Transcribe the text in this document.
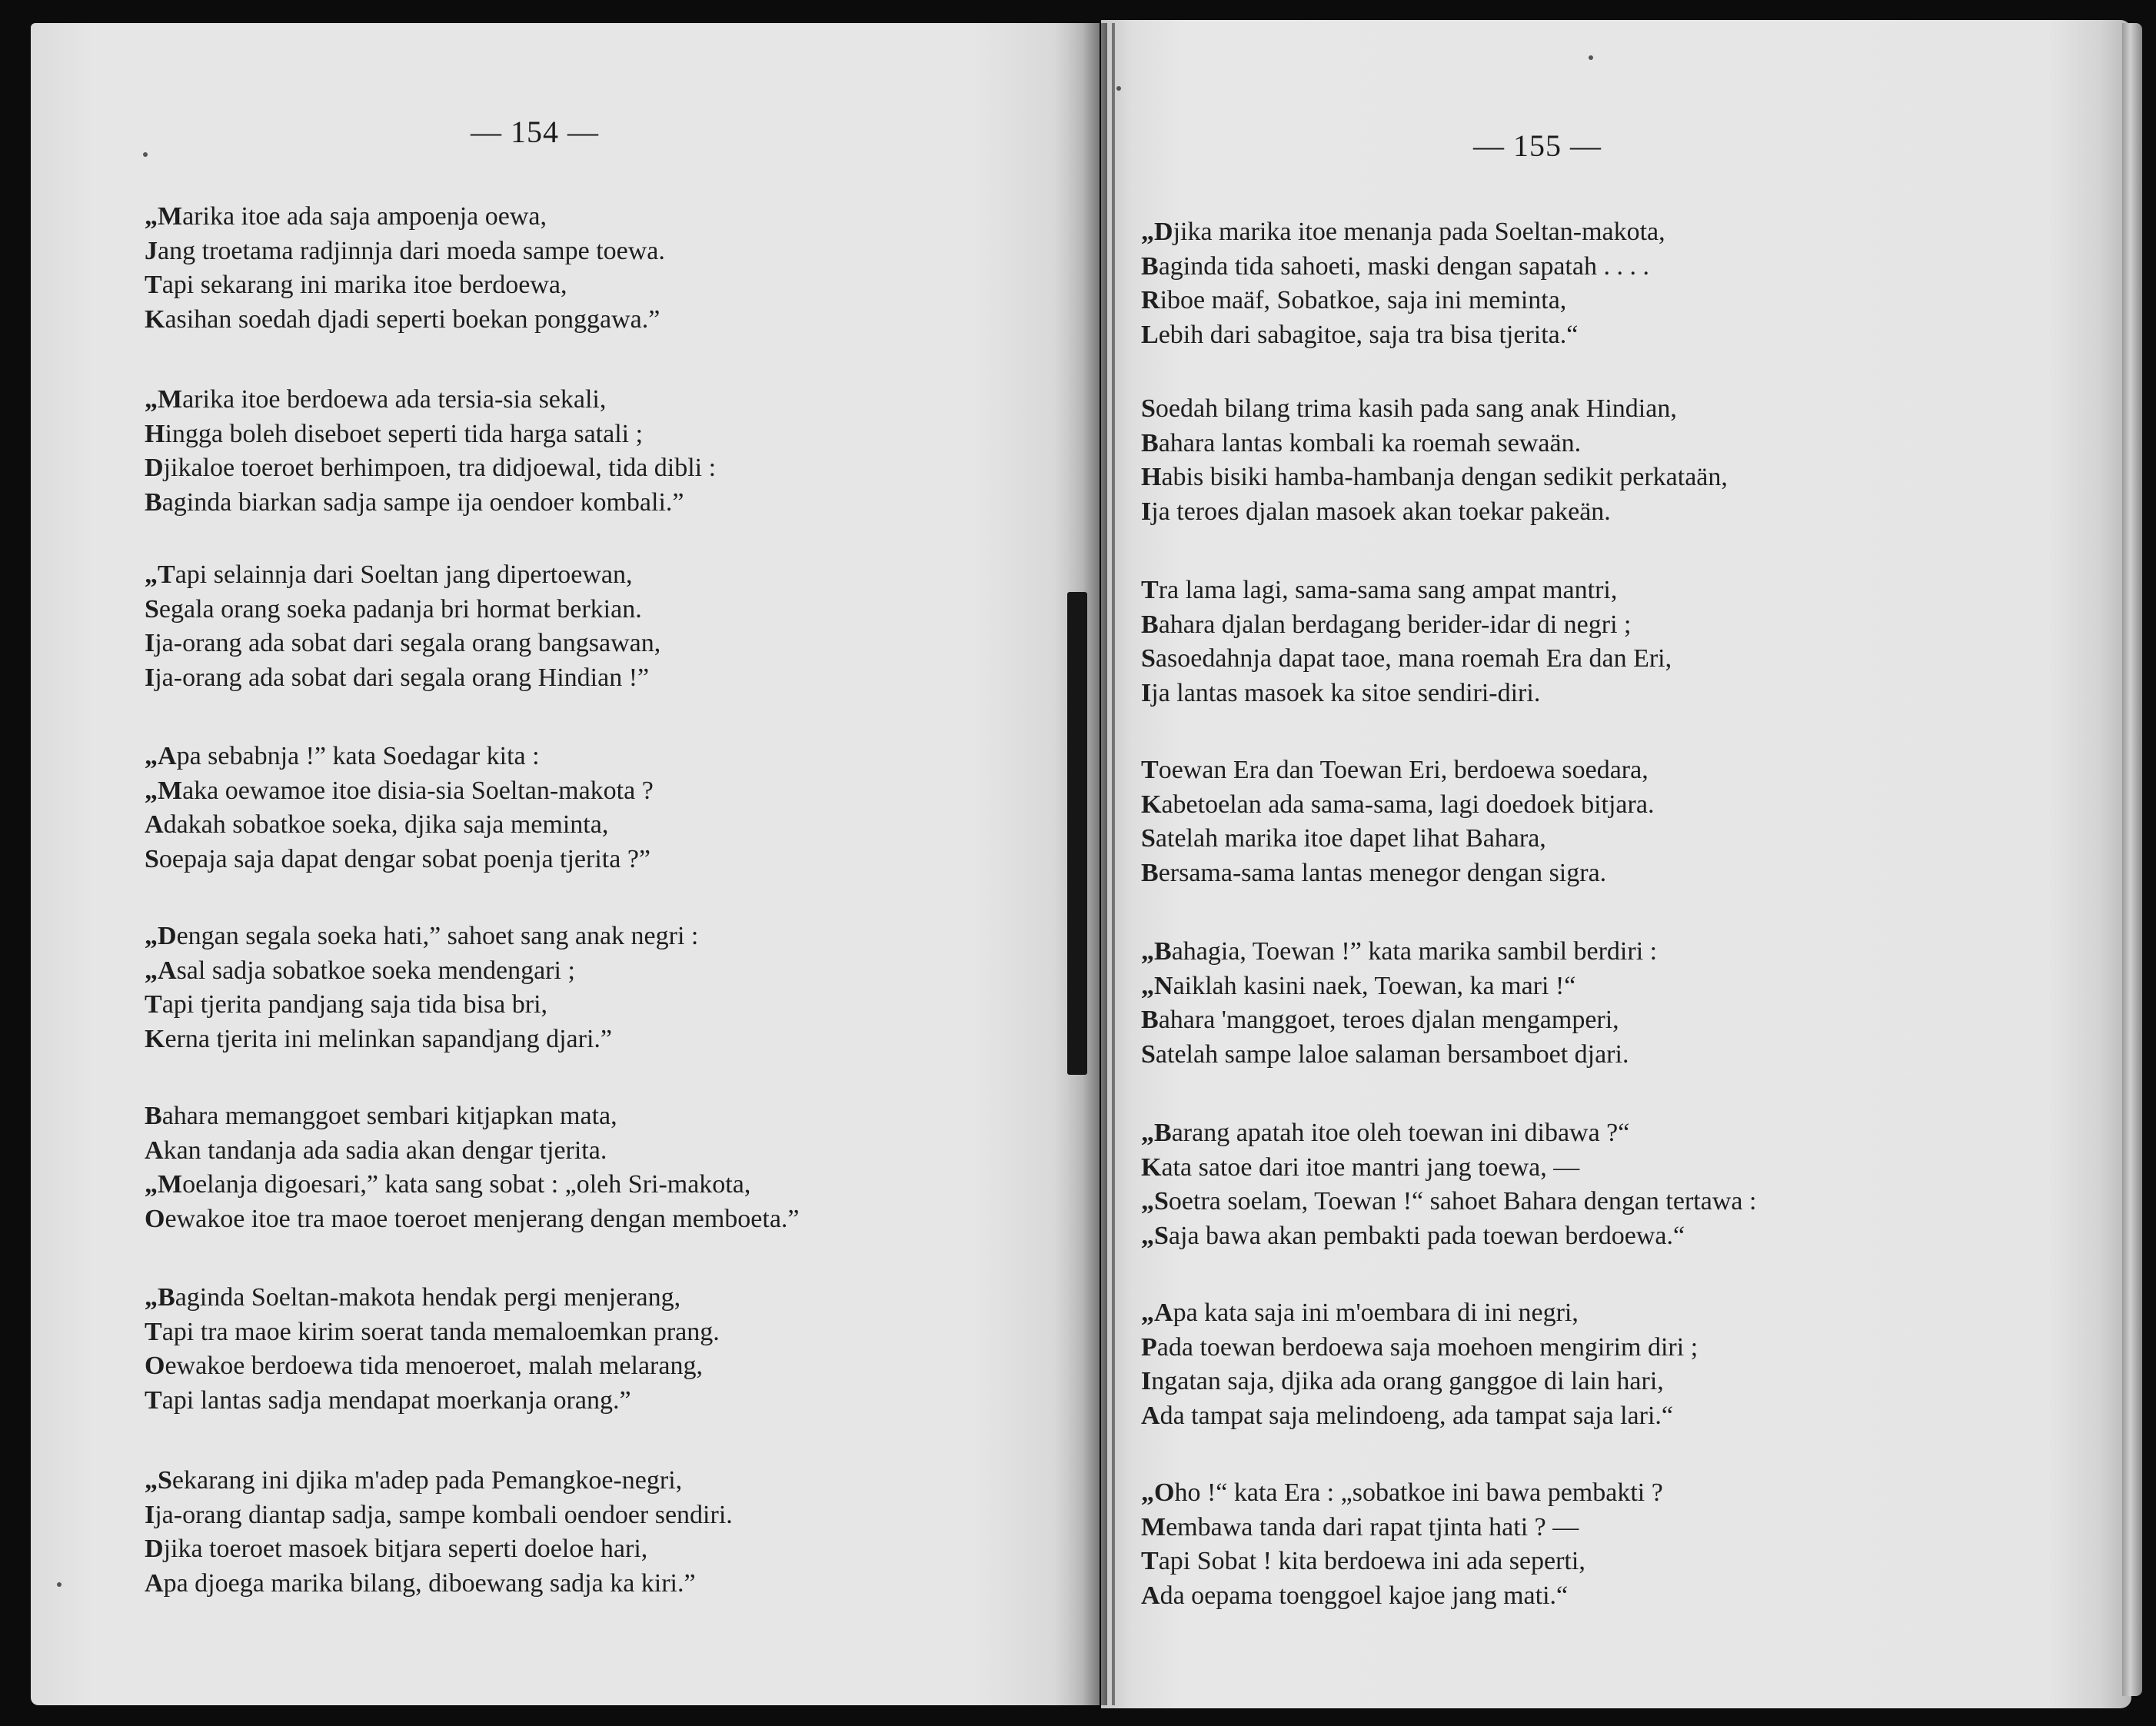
— 154 —	— 155 —
„Marika itoe ada saja ampoenja oewa,
Jang troetama radjinnja dari moeda sampe toewa.
Tapi sekarang ini marika itoe berdoewa,
Kasihan soedah djadi seperti boekan ponggawa.”
„Marika itoe berdoewa ada tersia-sia sekali,
Hingga boleh diseboet seperti tida harga satali ;
Djikaloe toeroet berhimpoen, tra didjoewal, tida dibli :
Baginda biarkan sadja sampe ija oendoer kombali.”
„Tapi selainnja dari Soeltan jang dipertoewan,
Segala orang soeka padanja bri hormat berkian.
Ija-orang ada sobat dari segala orang bangsawan,
Ija-orang ada sobat dari segala orang Hindian !”
„Apa sebabnja !” kata Soedagar kita :
„Maka oewamoe itoe disia-sia Soeltan-makota ?
Adakah sobatkoe soeka, djika saja meminta,
Soepaja saja dapat dengar sobat poenja tjerita ?”
„Dengan segala soeka hati,” sahoet sang anak negri :
„Asal sadja sobatkoe soeka mendengari ;
Tapi tjerita pandjang saja tida bisa bri,
Kerna tjerita ini melinkan sapandjang djari.”
Bahara memanggoet sembari kitjapkan mata,
Akan tandanja ada sadia akan dengar tjerita.
„Moelanja digoesari,” kata sang sobat : „oleh Sri-makota,
Oewakoe itoe tra maoe toeroet menjerang dengan memboeta.”
„Baginda Soeltan-makota hendak pergi menjerang,
Tapi tra maoe kirim soerat tanda memaloemkan prang.
Oewakoe berdoewa tida menoeroet, malah melarang,
Tapi lantas sadja mendapat moerkanja orang.”
„Sekarang ini djika m'adep pada Pemangkoe-negri,
Ija-orang diantap sadja, sampe kombali oendoer sendiri.
Djika toeroet masoek bitjara seperti doeloe hari,
Apa djoega marika bilang, diboewang sadja ka kiri.”
„Djika marika itoe menanja pada Soeltan-makota,
Baginda tida sahoeti, maski dengan sapatah . . . .
Riboe maäf, Sobatkoe, saja ini meminta,
Lebih dari sabagitoe, saja tra bisa tjerita.“
Soedah bilang trima kasih pada sang anak Hindian,
Bahara lantas kombali ka roemah sewaän.
Habis bisiki hamba-hambanja dengan sedikit perkataän,
Ija teroes djalan masoek akan toekar pakeän.
Tra lama lagi, sama-sama sang ampat mantri,
Bahara djalan berdagang berider-idar di negri ;
Sasoedahnja dapat taoe, mana roemah Era dan Eri,
Ija lantas masoek ka sitoe sendiri-diri.
Toewan Era dan Toewan Eri, berdoewa soedara,
Kabetoelan ada sama-sama, lagi doedoek bitjara.
Satelah marika itoe dapet lihat Bahara,
Bersama-sama lantas menegor dengan sigra.
„Bahagia, Toewan !” kata marika sambil berdiri :
„Naiklah kasini naek, Toewan, ka mari !“
Bahara 'manggoet, teroes djalan mengamperi,
Satelah sampe laloe salaman bersamboet djari.
„Barang apatah itoe oleh toewan ini dibawa ?“
Kata satoe dari itoe mantri jang toewa, —
„Soetra soelam, Toewan !“ sahoet Bahara dengan tertawa :
„Saja bawa akan pembakti pada toewan berdoewa.“
„Apa kata saja ini m'oembara di ini negri,
Pada toewan berdoewa saja moehoen mengirim diri ;
Ingatan saja, djika ada orang ganggoe di lain hari,
Ada tampat saja melindoeng, ada tampat saja lari.“
„Oho !“ kata Era : „sobatkoe ini bawa pembakti ?
Membawa tanda dari rapat tjinta hati ? —
Tapi Sobat ! kita berdoewa ini ada seperti,
Ada oepama toenggoel kajoe jang mati.“
